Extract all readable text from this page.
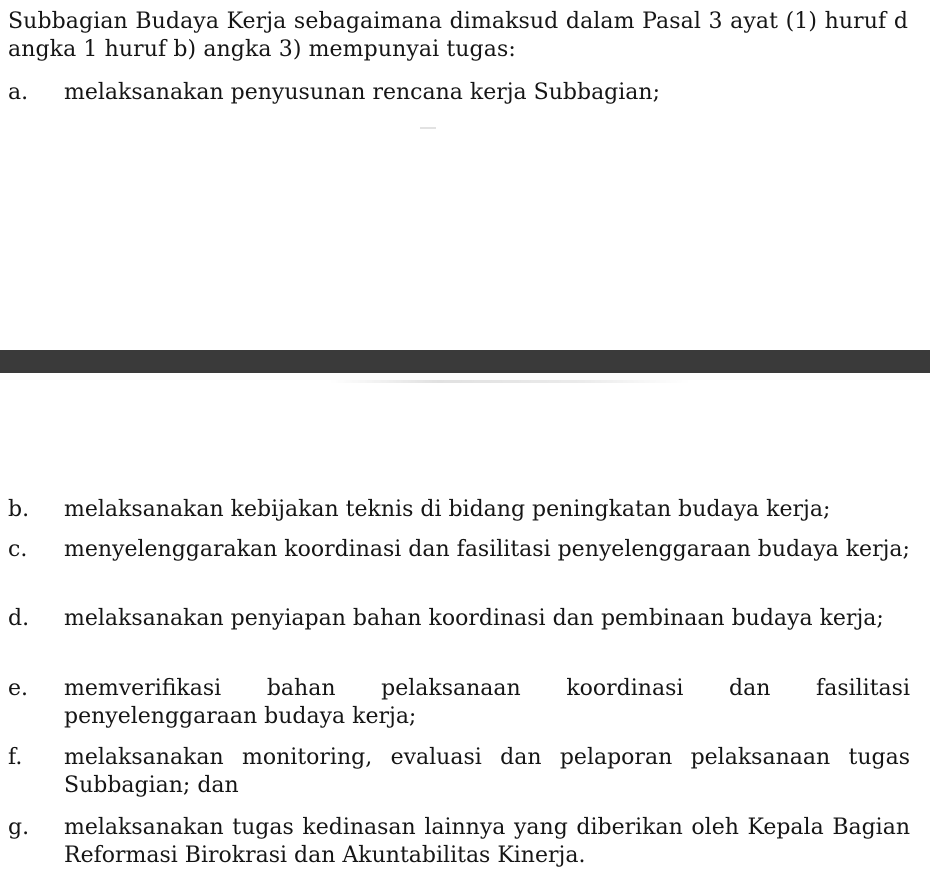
Subbagian Budaya Kerja sebagaimana dimaksud dalam Pasal 3 ayat (1) huruf d angka 1 huruf b) angka 3) mempunyai tugas:

a.	melaksanakan penyusunan rencana kerja Subbagian;
b.	melaksanakan kebijakan teknis di bidang peningkatan budaya kerja;
c.	menyelenggarakan koordinasi dan fasilitasi penyelenggaraan budaya kerja;
d.	melaksanakan penyiapan bahan koordinasi dan pembinaan budaya kerja;
e.	memverifikasi bahan pelaksanaan koordinasi dan fasilitasi penyelenggaraan budaya kerja;
f.	melaksanakan monitoring, evaluasi dan pelaporan pelaksanaan tugas Subbagian; dan
g.	melaksanakan tugas kedinasan lainnya yang diberikan oleh Kepala Bagian Reformasi Birokrasi dan Akuntabilitas Kinerja.
